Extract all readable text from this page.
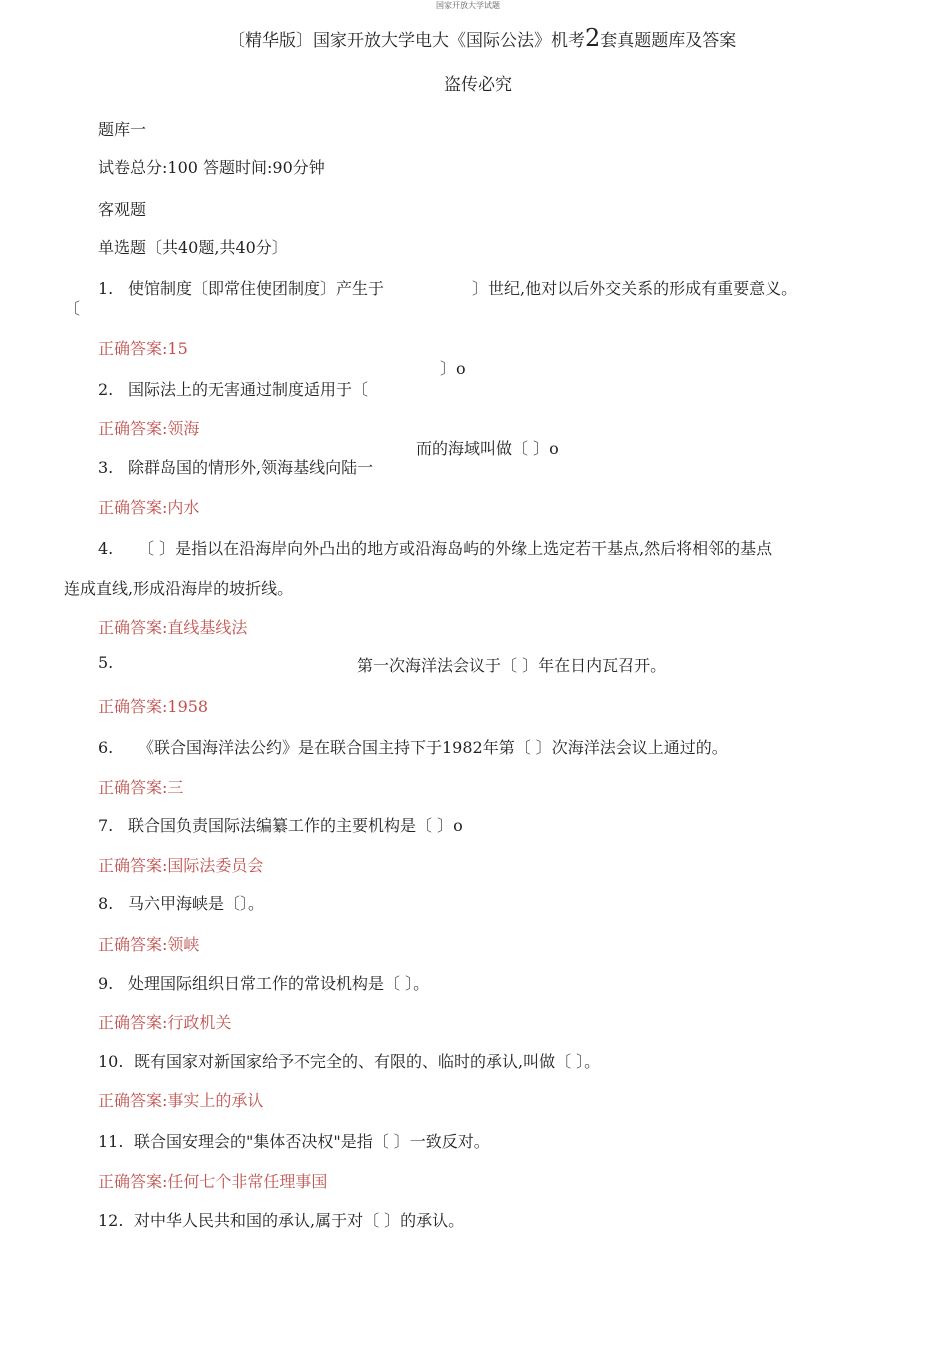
国家开放大学试题
〔精华版〕国家开放大学电大《国际公法》机考2套真题题库及答案
盗传必究
题库一
试卷总分:100 答题时间:90分钟
客观题
单选题〔共40题,共40分〕
1. 使馆制度〔即常住使团制度〕产生于	〕世纪,他对以后外交关系的形成有重要意义。
〔
正确答案:15
〕o
2. 国际法上的无害通过制度适用于〔
正确答案:领海
而的海域叫做〔 〕o
3. 除群岛国的情形外,领海基线向陆一
正确答案:内水
4. 〔 〕是指以在沿海岸向外凸出的地方或沿海岛屿的外缘上选定若干基点,然后将相邻的基点
连成直线,形成沿海岸的坡折线。
正确答案:直线基线法
5.	第一次海洋法会议于〔 〕年在日内瓦召开。
正确答案:1958
6. 《联合国海洋法公约》是在联合国主持下于1982年第〔 〕次海洋法会议上通过的。
正确答案:三
7. 联合国负责国际法编纂工作的主要机构是〔 〕o
正确答案:国际法委员会
8. 马六甲海峡是〔〕。
正确答案:领峡
9. 处理国际组织日常工作的常设机构是〔 〕。
正确答案:行政机关
10. 既有国家对新国家给予不完全的、有限的、临时的承认,叫做〔 〕。
正确答案:事实上的承认
11. 联合国安理会的"集体否决权"是指〔 〕一致反对。
正确答案:任何七个非常任理事国
12. 对中华人民共和国的承认,属于对〔 〕的承认。
